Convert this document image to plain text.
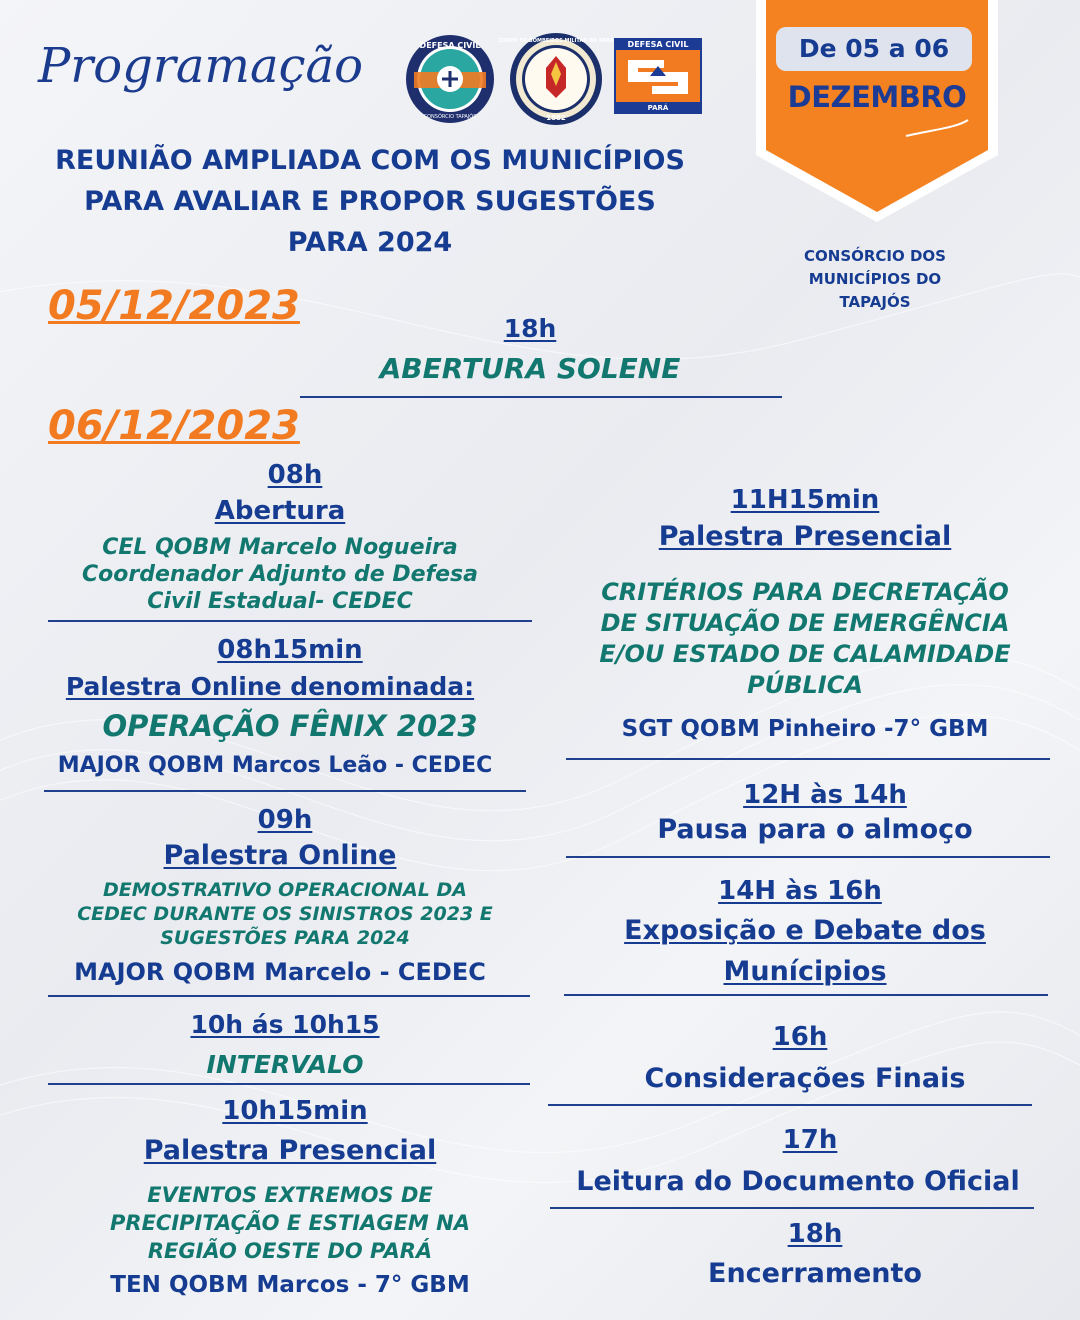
Programação	DEFESA CIVIL
CONSÓRCIO TAPAJÓS
CORPO DE BOMBEIROS MILITAR DO PARÁ
1882
DEFESA CIVIL
PARÁ
De 05 a 06
DEZEMBRO
REUNIÃO AMPLIADA COM OS MUNICÍPIOS
PARA AVALIAR E PROPOR SUGESTÕES
PARA 2024	CONSÓRCIO DOS
MUNICÍPIOS DO
TAPAJÓS
05/12/2023	18h
ABERTURA SOLENE
06/12/2023
08h
Abertura
CEL QOBM Marcelo Nogueira
Coordenador Adjunto de Defesa
Civil Estadual- CEDEC
08h15min
Palestra Online denominada:
OPERAÇÃO FÊNIX 2023
MAJOR QOBM Marcos Leão - CEDEC
09h
Palestra Online
DEMOSTRATIVO OPERACIONAL DA
CEDEC DURANTE OS SINISTROS 2023 E
SUGESTÕES PARA 2024
MAJOR QOBM Marcelo - CEDEC
10h ás 10h15
INTERVALO
10h15min
Palestra Presencial
EVENTOS EXTREMOS DE
PRECIPITAÇÃO E ESTIAGEM NA
REGIÃO OESTE DO PARÁ
TEN QOBM Marcos - 7° GBM
11H15min
Palestra Presencial
CRITÉRIOS PARA DECRETAÇÃO
DE SITUAÇÃO DE EMERGÊNCIA
E/OU ESTADO DE CALAMIDADE
PÚBLICA
SGT QOBM Pinheiro -7° GBM
12H às 14h
Pausa para o almoço
14H às 16h
Exposição e Debate dos
Munícipios
16h
Considerações Finais
17h
Leitura do Documento Oficial
18h
Encerramento
